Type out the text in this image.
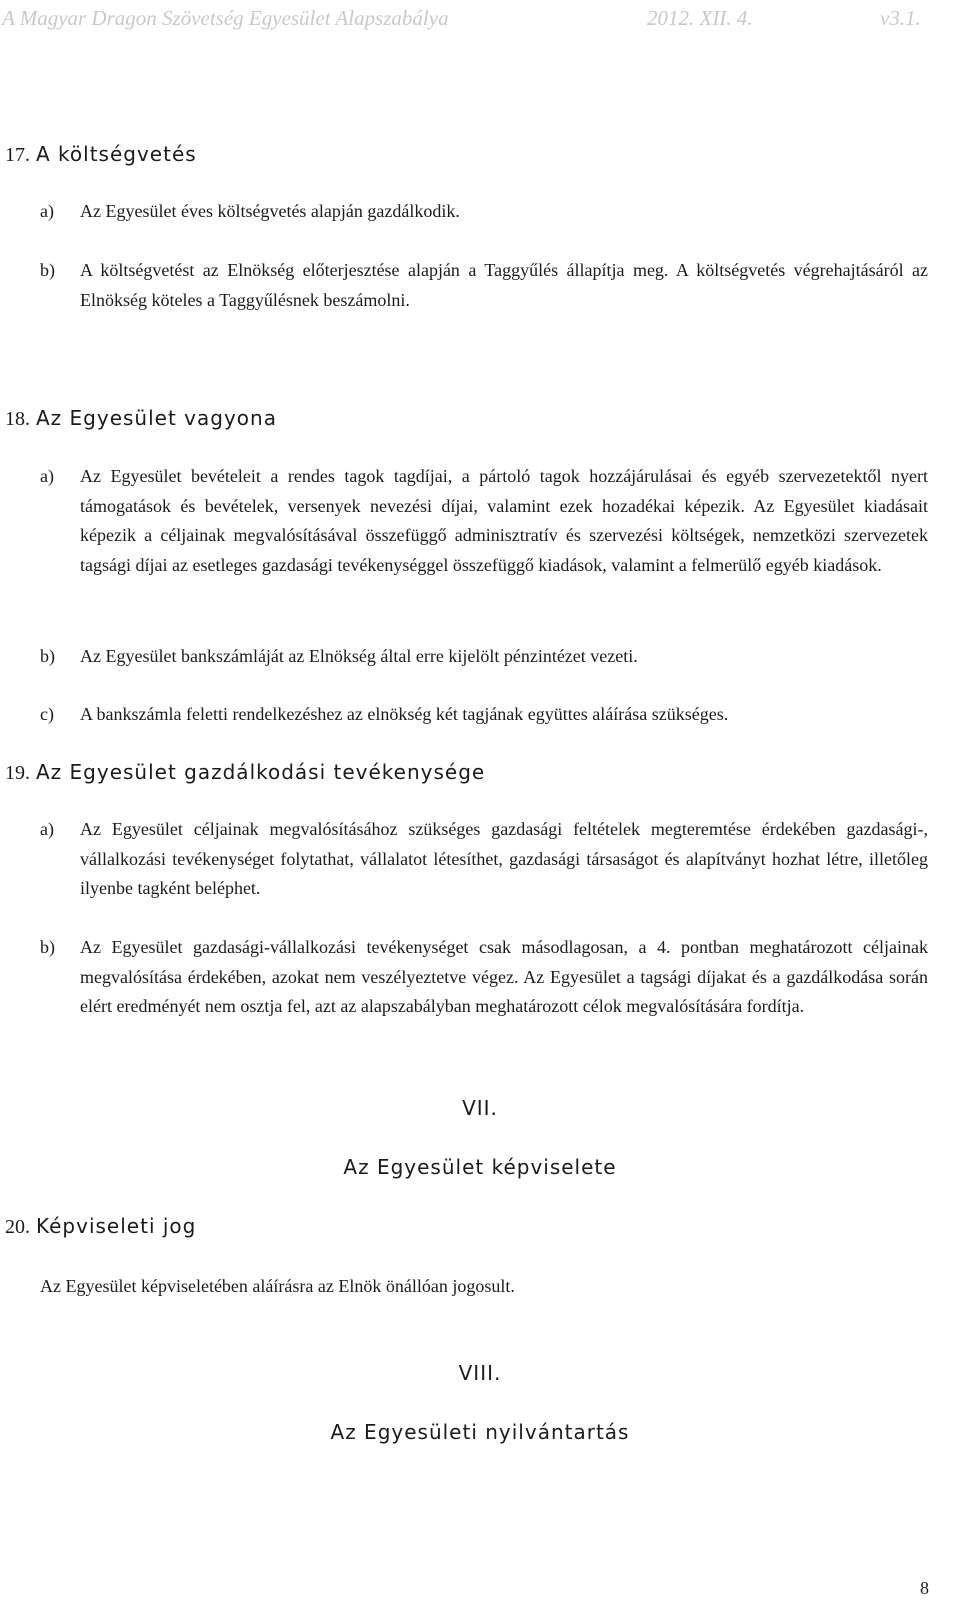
A Magyar Dragon Szövetség Egyesület Alapszabálya	2012. XII. 4.	v3.1.
17. A költségvetés
a) Az Egyesület éves költségvetés alapján gazdálkodik.
b) A költségvetést az Elnökség előterjesztése alapján a Taggyűlés állapítja meg. A költségvetés végrehajtásáról az Elnökség köteles a Taggyűlésnek beszámolni.
18. Az Egyesület vagyona
a) Az Egyesület bevételeit a rendes tagok tagdíjai, a pártoló tagok hozzájárulásai és egyéb szervezetektől nyert támogatások és bevételek, versenyek nevezési díjai, valamint ezek hozadékai képezik. Az Egyesület kiadásait képezik a céljainak megvalósításával összefüggő adminisztratív és szervezési költségek, nemzetközi szervezetek tagsági díjai az esetleges gazdasági tevékenységgel összefüggő kiadások, valamint a felmerülő egyéb kiadások.
b) Az Egyesület bankszámláját az Elnökség által erre kijelölt pénzintézet vezeti.
c) A bankszámla feletti rendelkezéshez az elnökség két tagjának együttes aláírása szükséges.
19. Az Egyesület gazdálkodási tevékenysége
a) Az Egyesület céljainak megvalósításához szükséges gazdasági feltételek megteremtése érdekében gazdasági-, vállalkozási tevékenységet folytathat, vállalatot létesíthet, gazdasági társaságot és alapítványt hozhat létre, illetőleg ilyenbe tagként beléphet.
b) Az Egyesület gazdasági-vállalkozási tevékenységet csak másodlagosan, a 4. pontban meghatározott céljainak megvalósítása érdekében, azokat nem veszélyeztetve végez. Az Egyesület a tagsági díjakat és a gazdálkodása során elért eredményét nem osztja fel, azt az alapszabályban meghatározott célok megvalósítására fordítja.
VII.
Az Egyesület képviselete
20. Képviseleti jog
Az Egyesület képviseletében aláírásra az Elnök önállóan jogosult.
VIII.
Az Egyesületi nyilvántartás
8
